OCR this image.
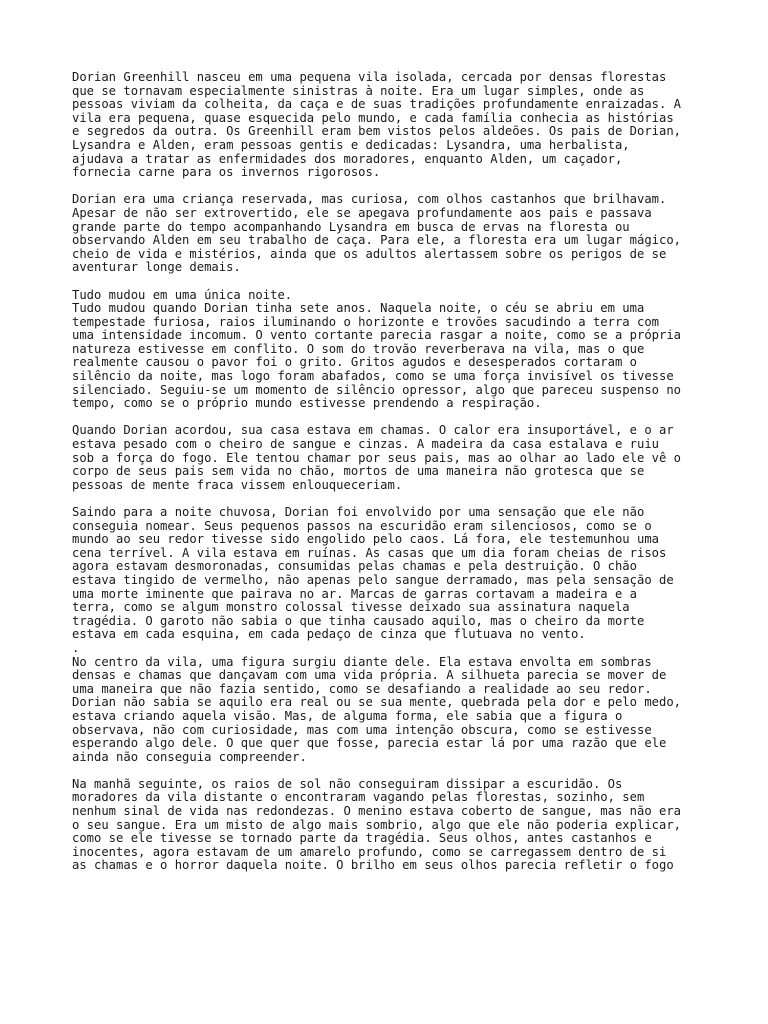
Dorian Greenhill nasceu em uma pequena vila isolada, cercada por densas florestas
que se tornavam especialmente sinistras à noite. Era um lugar simples, onde as
pessoas viviam da colheita, da caça e de suas tradições profundamente enraizadas. A
vila era pequena, quase esquecida pelo mundo, e cada família conhecia as histórias
e segredos da outra. Os Greenhill eram bem vistos pelos aldeões. Os pais de Dorian,
Lysandra e Alden, eram pessoas gentis e dedicadas: Lysandra, uma herbalista,
ajudava a tratar as enfermidades dos moradores, enquanto Alden, um caçador,
fornecia carne para os invernos rigorosos.
Dorian era uma criança reservada, mas curiosa, com olhos castanhos que brilhavam.
Apesar de não ser extrovertido, ele se apegava profundamente aos pais e passava
grande parte do tempo acompanhando Lysandra em busca de ervas na floresta ou
observando Alden em seu trabalho de caça. Para ele, a floresta era um lugar mágico,
cheio de vida e mistérios, ainda que os adultos alertassem sobre os perigos de se
aventurar longe demais.
Tudo mudou em uma única noite.
Tudo mudou quando Dorian tinha sete anos. Naquela noite, o céu se abriu em uma
tempestade furiosa, raios iluminando o horizonte e trovões sacudindo a terra com
uma intensidade incomum. O vento cortante parecia rasgar a noite, como se a própria
natureza estivesse em conflito. O som do trovão reverberava na vila, mas o que
realmente causou o pavor foi o grito. Gritos agudos e desesperados cortaram o
silêncio da noite, mas logo foram abafados, como se uma força invisível os tivesse
silenciado. Seguiu-se um momento de silêncio opressor, algo que pareceu suspenso no
tempo, como se o próprio mundo estivesse prendendo a respiração.
Quando Dorian acordou, sua casa estava em chamas. O calor era insuportável, e o ar
estava pesado com o cheiro de sangue e cinzas. A madeira da casa estalava e ruiu
sob a força do fogo. Ele tentou chamar por seus pais, mas ao olhar ao lado ele vê o
corpo de seus pais sem vida no chão, mortos de uma maneira não grotesca que se
pessoas de mente fraca vissem enlouqueceriam.
Saindo para a noite chuvosa, Dorian foi envolvido por uma sensação que ele não
conseguia nomear. Seus pequenos passos na escuridão eram silenciosos, como se o
mundo ao seu redor tivesse sido engolido pelo caos. Lá fora, ele testemunhou uma
cena terrível. A vila estava em ruínas. As casas que um dia foram cheias de risos
agora estavam desmoronadas, consumidas pelas chamas e pela destruição. O chão
estava tingido de vermelho, não apenas pelo sangue derramado, mas pela sensação de
uma morte iminente que pairava no ar. Marcas de garras cortavam a madeira e a
terra, como se algum monstro colossal tivesse deixado sua assinatura naquela
tragédia. O garoto não sabia o que tinha causado aquilo, mas o cheiro da morte
estava em cada esquina, em cada pedaço de cinza que flutuava no vento.
.
No centro da vila, uma figura surgiu diante dele. Ela estava envolta em sombras
densas e chamas que dançavam com uma vida própria. A silhueta parecia se mover de
uma maneira que não fazia sentido, como se desafiando a realidade ao seu redor.
Dorian não sabia se aquilo era real ou se sua mente, quebrada pela dor e pelo medo,
estava criando aquela visão. Mas, de alguma forma, ele sabia que a figura o
observava, não com curiosidade, mas com uma intenção obscura, como se estivesse
esperando algo dele. O que quer que fosse, parecia estar lá por uma razão que ele
ainda não conseguia compreender.
Na manhã seguinte, os raios de sol não conseguiram dissipar a escuridão. Os
moradores da vila distante o encontraram vagando pelas florestas, sozinho, sem
nenhum sinal de vida nas redondezas. O menino estava coberto de sangue, mas não era
o seu sangue. Era um misto de algo mais sombrio, algo que ele não poderia explicar,
como se ele tivesse se tornado parte da tragédia. Seus olhos, antes castanhos e
inocentes, agora estavam de um amarelo profundo, como se carregassem dentro de si
as chamas e o horror daquela noite. O brilho em seus olhos parecia refletir o fogo
